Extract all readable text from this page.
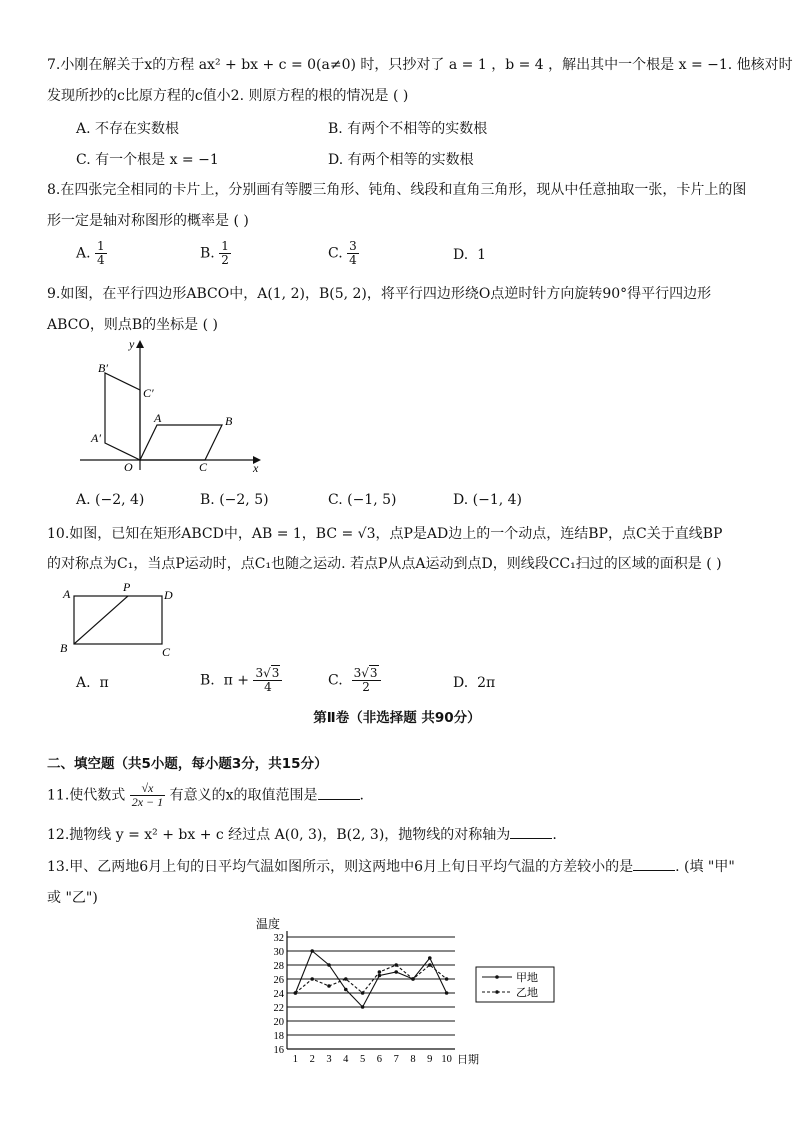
7.小刚在解关于x的方程 ax² + bx + c = 0(a≠0) 时，只抄对了 a = 1 ，b = 4 ，解出其中一个根是 x = −1. 他核对时
发现所抄的c比原方程的c值小2. 则原方程的根的情况是 ( )
A. 不存在实数根	B. 有两个不相等的实数根
C. 有一个根是 x = −1	D. 有两个相等的实数根
8.在四张完全相同的卡片上，分别画有等腰三角形、钝角、线段和直角三角形，现从中任意抽取一张，卡片上的图
形一定是轴对称图形的概率是 ( )
A. $\frac{1}{4}$	B. $\frac{1}{2}$	C. $\frac{3}{4}$	D. 1
9.如图，在平行四边形ABCO中，A(1, 2)，B(5, 2)，将平行四边形绕O点逆时针方向旋转90°得平行四边形
ABCO，则点B的坐标是 ( )
y
x
O
A	B
C
A′
B′
C′
A. (−2, 4)	B. (−2, 5)	C. (−1, 5)	D. (−1, 4)
10.如图，已知在矩形ABCD中，AB = 1，BC = √3，点P是AD边上的一个动点，连结BP，点C关于直线BP
的对称点为C₁，当点P运动时，点C₁也随之运动. 若点P从点A运动到点D，则线段CC₁扫过的区域的面积是 ( )
A	P
D
B	C
A.  π	B.  $\pi + \frac{3√3}{4}$	C. $\frac{3√3}{2}$	D.  2π
第Ⅱ卷（非选择题 共90分）
二、填空题（共5小题，每小题3分，共15分）
11.使代数式 $\frac{√x}{2x - 1}$ 有意义的x的取值范围是	.
12.抛物线 y = x² + bx + c 经过点 A(0, 3)，B(2, 3)，抛物线的对称轴为	.
13.甲、乙两地6月上旬的日平均气温如图所示，则这两地中6月上旬日平均气温的方差较小的是	. (填 "甲"
或 "乙")
温度
日期
16
18
20
22
24
26
28
30
32
1 2 3 4 5 6 7 8 9 10
甲地
乙地
